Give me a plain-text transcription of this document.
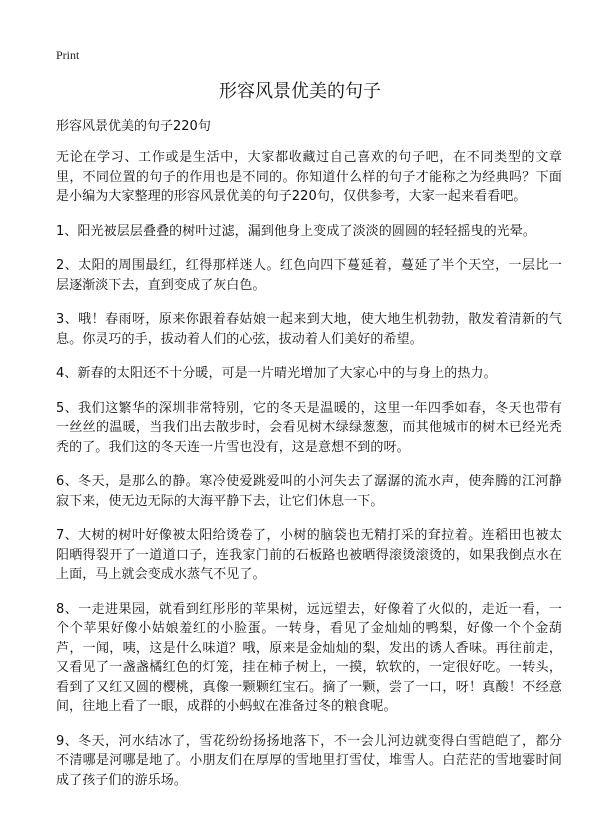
Print
形容风景优美的句子

形容风景优美的句子220句

无论在学习、工作或是生活中，大家都收藏过自己喜欢的句子吧，在不同类型的文章里，不同位置的句子的作用也是不同的。你知道什么样的句子才能称之为经典吗？下面是小编为大家整理的形容风景优美的句子220句，仅供参考，大家一起来看看吧。

1、阳光被层层叠叠的树叶过滤，漏到他身上变成了淡淡的圆圆的轻轻摇曳的光晕。

2、太阳的周围最红，红得那样迷人。红色向四下蔓延着，蔓延了半个天空，一层比一层逐渐淡下去，直到变成了灰白色。

3、哦！春雨呀，原来你跟着春姑娘一起来到大地，使大地生机勃勃，散发着清新的气息。你灵巧的手，拔动着人们的心弦，拔动着人们美好的希望。

4、新春的太阳还不十分暖，可是一片晴光增加了大家心中的与身上的热力。

5、我们这繁华的深圳非常特别，它的冬天是温暖的，这里一年四季如春，冬天也带有一丝丝的温暖，当我们出去散步时，会看见树木绿绿葱葱，而其他城市的树木已经光秃秃的了。我们这的冬天连一片雪也没有，这是意想不到的呀。

6、冬天，是那么的静。寒冷使爱跳爱叫的小河失去了潺潺的流水声，使奔腾的江河静寂下来，使无边无际的大海平静下去，让它们休息一下。

7、大树的树叶好像被太阳给烫卷了，小树的脑袋也无精打采的耷拉着。连稻田也被太阳晒得裂开了一道道口子，连我家门前的石板路也被晒得滚烫滚烫的，如果我倒点水在上面，马上就会变成水蒸气不见了。

8、一走进果园，就看到红彤彤的苹果树，远远望去，好像着了火似的，走近一看，一个个苹果好像小姑娘羞红的小脸蛋。一转身，看见了金灿灿的鸭梨，好像一个个金葫芦，一闻，咦，这是什么味道？哦，原来是金灿灿的梨，发出的诱人香味。再往前走，又看见了一盏盏橘红色的灯笼，挂在柿子树上，一摸，软软的，一定很好吃。一转头，看到了又红又圆的樱桃，真像一颗颗红宝石。摘了一颗，尝了一口，呀！真酸！不经意间，往地上看了一眼，成群的小蚂蚁在准备过冬的粮食呢。

9、冬天，河水结冰了，雪花纷纷扬扬地落下，不一会儿河边就变得白雪皑皑了，都分不清哪是河哪是地了。小朋友们在厚厚的雪地里打雪仗，堆雪人。白茫茫的雪地霎时间成了孩子们的游乐场。
